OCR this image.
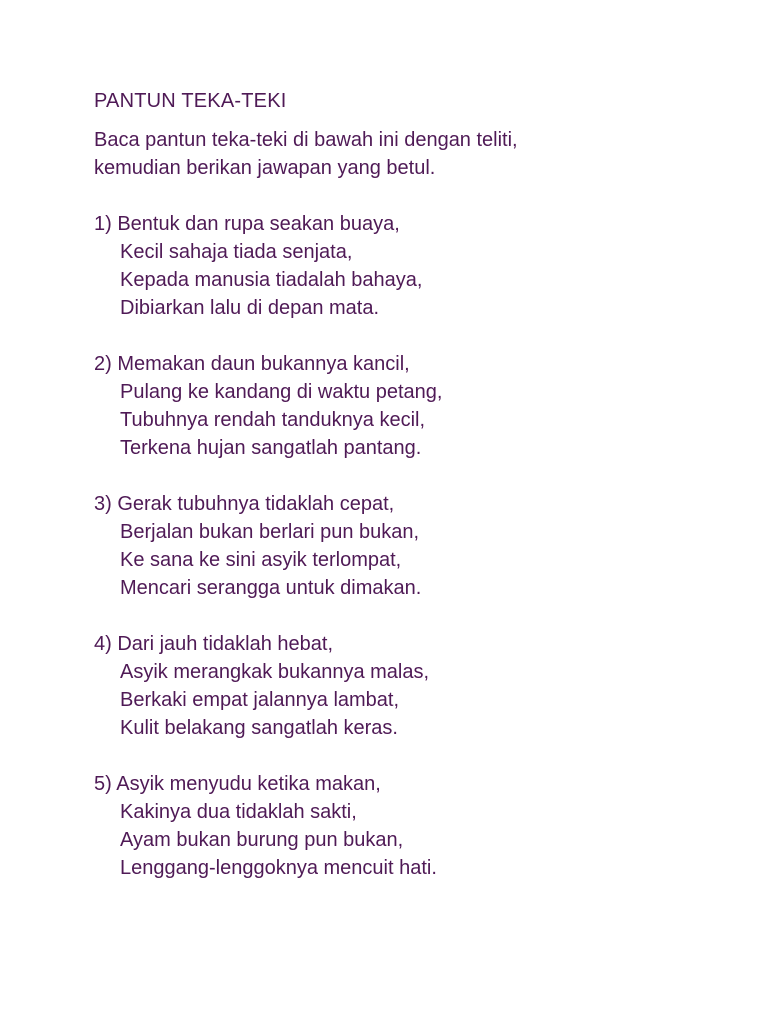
PANTUN TEKA-TEKI
Baca pantun teka-teki di bawah ini dengan teliti,
kemudian berikan jawapan yang betul.
1) Bentuk dan rupa seakan buaya,
Kecil sahaja tiada senjata,
Kepada manusia tiadalah bahaya,
Dibiarkan lalu di depan mata.
2) Memakan daun bukannya kancil,
Pulang ke kandang di waktu petang,
Tubuhnya rendah tanduknya kecil,
Terkena hujan sangatlah pantang.
3) Gerak tubuhnya tidaklah cepat,
Berjalan bukan berlari pun bukan,
Ke sana ke sini asyik terlompat,
Mencari serangga untuk dimakan.
4) Dari jauh tidaklah hebat,
Asyik merangkak bukannya malas,
Berkaki empat jalannya lambat,
Kulit belakang sangatlah keras.
5) Asyik menyudu ketika makan,
Kakinya dua tidaklah sakti,
Ayam bukan burung pun bukan,
Lenggang-lenggoknya mencuit hati.
